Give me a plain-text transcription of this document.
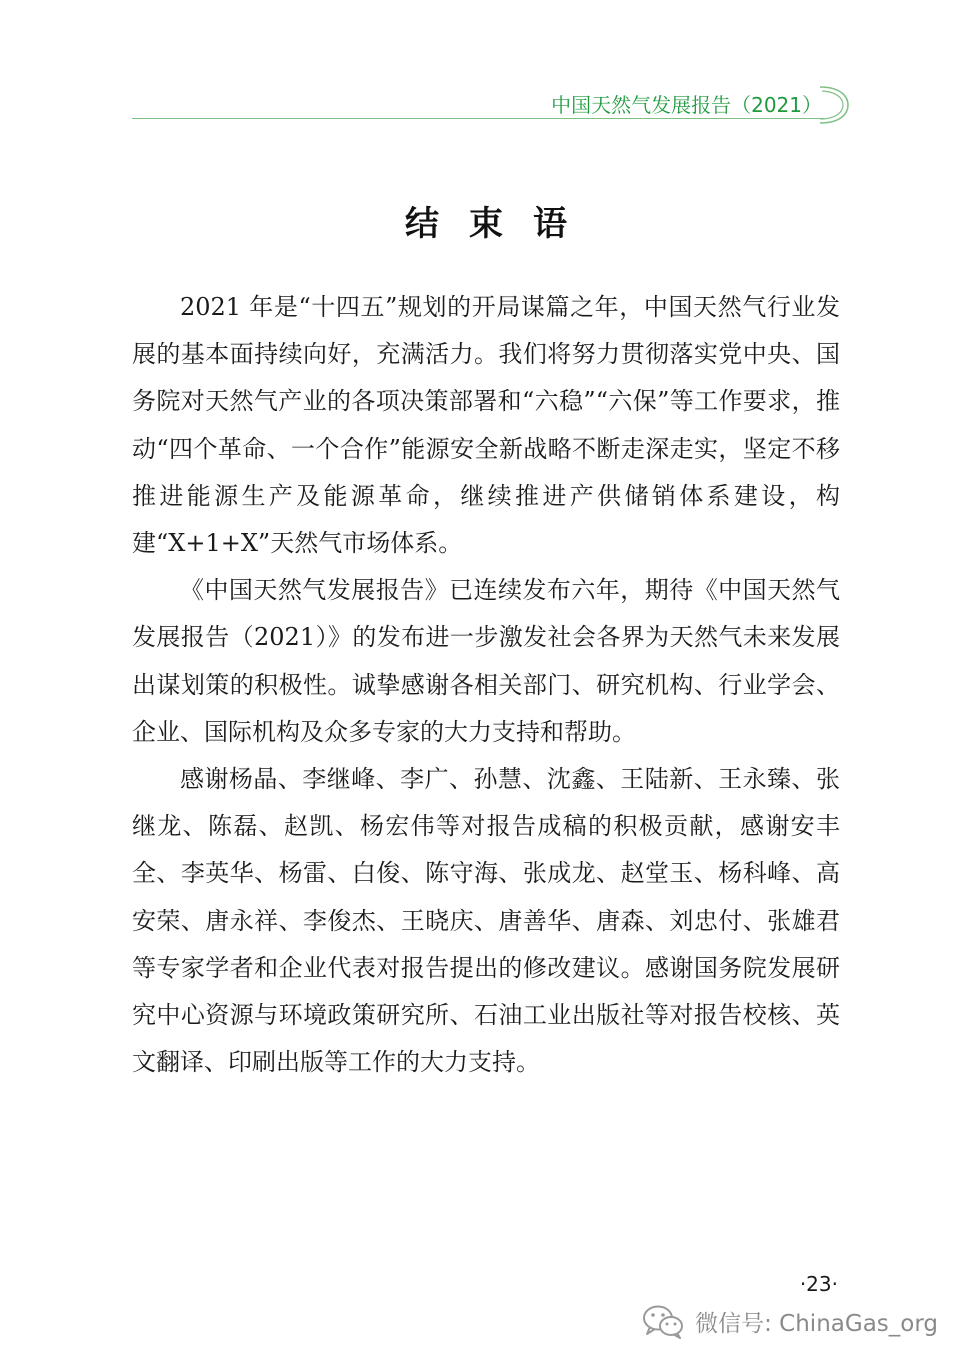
中国天然气发展报告（2021）
结束语

2021 年是“十四五”规划的开局谋篇之年，中国天然气行业发展的基本面持续向好，充满活力。我们将努力贯彻落实党中央、国务院对天然气产业的各项决策部署和“六稳”“六保”等工作要求，推动“四个革命、一个合作”能源安全新战略不断走深走实，坚定不移推进能源生产及能源革命，继续推进产供储销体系建设，构建“X+1+X”天然气市场体系。

《中国天然气发展报告》已连续发布六年，期待《中国天然气发展报告（2021）》的发布进一步激发社会各界为天然气未来发展出谋划策的积极性。诚挚感谢各相关部门、研究机构、行业学会、企业、国际机构及众多专家的大力支持和帮助。

感谢杨晶、李继峰、李广、孙慧、沈鑫、王陆新、王永臻、张继龙、陈磊、赵凯、杨宏伟等对报告成稿的积极贡献，感谢安丰全、李英华、杨雷、白俊、陈守海、张成龙、赵堂玉、杨科峰、高安荣、唐永祥、李俊杰、王晓庆、唐善华、唐森、刘忠付、张雄君等专家学者和企业代表对报告提出的修改建议。感谢国务院发展研究中心资源与环境政策研究所、石油工业出版社等对报告校核、英文翻译、印刷出版等工作的大力支持。

·23·
微信号: ChinaGas_org
